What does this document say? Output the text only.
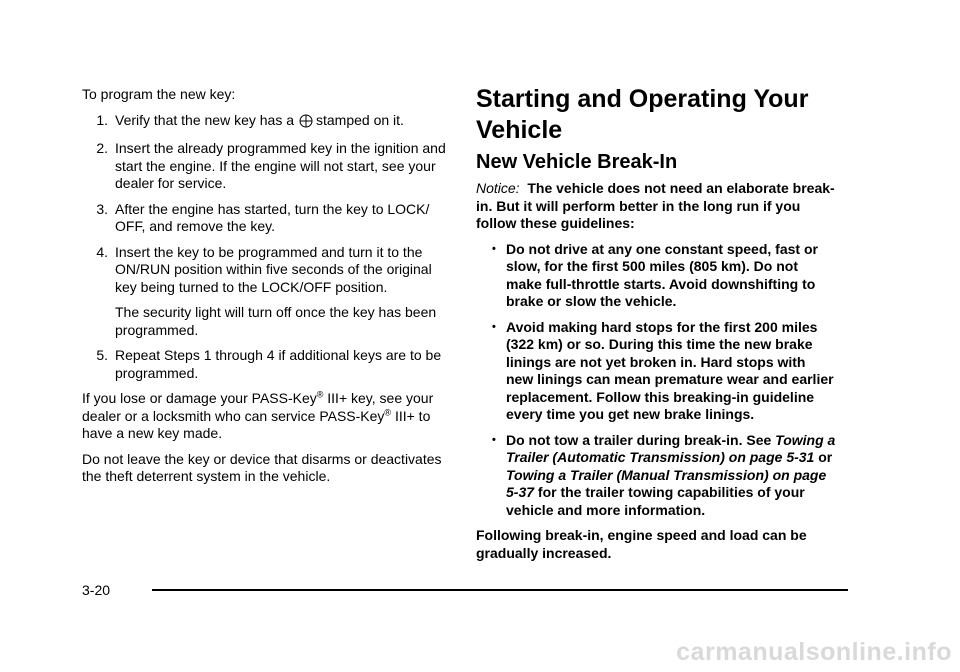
To program the new key:

1. Verify that the new key has a stamped on it.
2. Insert the already programmed key in the ignition and start the engine. If the engine will not start, see your dealer for service.
3. After the engine has started, turn the key to LOCK/ OFF, and remove the key.
4. Insert the key to be programmed and turn it to the ON/RUN position within five seconds of the original key being turned to the LOCK/OFF position.

The security light will turn off once the key has been programmed.

5. Repeat Steps 1 through 4 if additional keys are to be programmed.

If you lose or damage your PASS-Key® III+ key, see your dealer or a locksmith who can service PASS-Key® III+ to have a new key made.

Do not leave the key or device that disarms or deactivates the theft deterrent system in the vehicle.

Starting and Operating Your Vehicle
New Vehicle Break-In

Notice: The vehicle does not need an elaborate break-in. But it will perform better in the long run if you follow these guidelines:

• Do not drive at any one constant speed, fast or slow, for the first 500 miles (805 km). Do not make full-throttle starts. Avoid downshifting to brake or slow the vehicle.
• Avoid making hard stops for the first 200 miles (322 km) or so. During this time the new brake linings are not yet broken in. Hard stops with new linings can mean premature wear and earlier replacement. Follow this breaking-in guideline every time you get new brake linings.
• Do not tow a trailer during break-in. See Towing a Trailer (Automatic Transmission) on page 5-31 or Towing a Trailer (Manual Transmission) on page 5-37 for the trailer towing capabilities of your vehicle and more information.

Following break-in, engine speed and load can be gradually increased.

3-20
carmanualsonline.info
